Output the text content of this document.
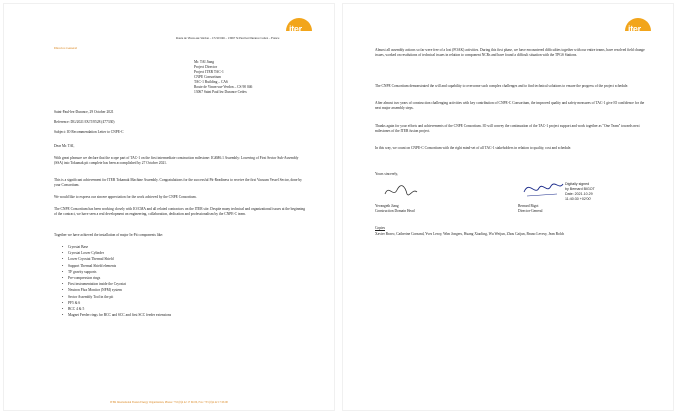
iter
Route de Vinon-sur-Verdon – CS 90 046 – 13067 St Paul lez Durance Cedex – France
Director-General
Mr. TAI Jiang
Project Director
Project ITER TAC-1
CNPE Consortium
TAC-1 Building – CA6
Route de Vinon-sur-Verdon – CS 90 046
13067 Saint Paul lez Durance Cedex
Saint-Paul-lez-Durance, 29 October 2021
Reference: DG/2021/OUT/0528 (477330)
Subject: IO Recommendation Letter to CNPE-C
Dear Mr. TAI,
With great pleasure we declare that the scope part of TAC-1 on the first intermediate construction milestone: IC#M6.1 Assembly: Lowering of First Sector Sub-Assembly (SSA) into Tokamak pit complete has been accomplished by 27 October 2021.
This is a significant achievement for ITER Tokamak Machine Assembly. Congratulations for the successful Pit-Readiness to receive the first Vacuum Vessel Sector, done by your Consortium.
We would like to express our sincere appreciation for the work achieved by the CNPE Consortium.
The CNPE Consortium has been working closely with IO/CMA and all related contractors on the ITER site. Despite many technical and organizational issues at the beginning of the contract, we have seen a real development on engineering, collaboration, dedication and professionalism by the CNPE-C team.
Together we have achieved the installation of major In-Pit components like:
• Cryostat Base
• Cryostat Lower Cylinder
• Lower Cryostat Thermal Shield
• Support Thermal Shield elements
• TF gravity supports
• Pre-compression rings
• First instrumentation inside the Cryostat
• Neutron Flux Monitor (NFM) system
• Sector Assembly Tool in the pit
• PF5 & 6
• BCC 4 & 5
• Magnet Feeder rings for BCC and SCC and first SCC feeder extensions
ITER International Fusion Energy Organization, Phone: +33 (0)4 42 17 66 00, Fax: +33 (0)4 42 17 66 00
iter
Almost all assembly actions so far were free of a lost (FOAK) activities. During this first phase, we have encountered difficulties together with our entire teams, have resolved field change issues, worked on resolutions of technical issues in relation to component NCRs and have found a difficult situation with the TPGS Stations.
The CNPE Consortium demonstrated the will and capability to overcome such complex challenges and to find technical solutions to ensure the progress of the project schedule.
After almost two years of construction challenging activities with key contribution of CNPE-C Consortium, the improved quality and safety measures of TAC-1 give IO confidence for the next major assembly steps.
Thanks again for your efforts and achievements of the CNPE Consortium. IO will convey the continuation of the TAC-1 project support and work together as "One Team" towards next milestones of the ITER fusion project.
In this way, we count on CNPE-C Consortium with the right mind-set of all TAC-1 stakeholders in relation to quality, cost and schedule.
Yours sincerely,
Digitally signed
by Bernard BIGOT
Date: 2021.10.29
11:40:30 +02'00'
Yevangeth Jiang
Construction Domain Head
Bernard Bigot
Director-General
Copies
Xavier Bravo, Catherine Cornand, Yves Leroy, Wim Jongers, Huang Xiaoling, Wu Weijun, Zhou Caijun, Bruno Levesy, Jean Bolch
